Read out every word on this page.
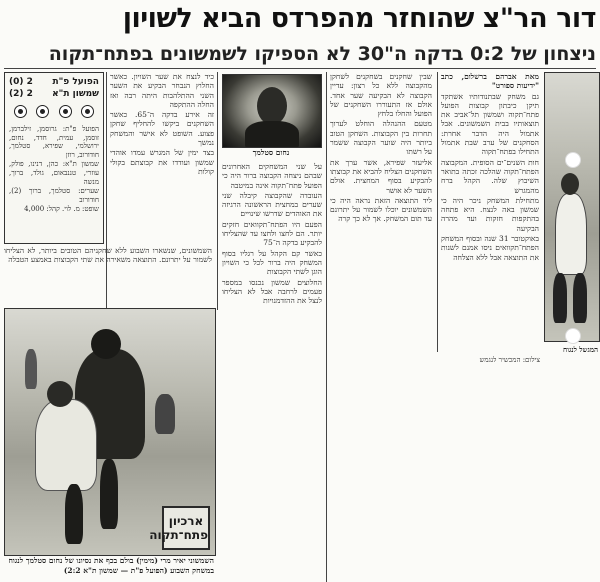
דור הר"צ שהוחזר מהפרדס הביא לשויון
ניצחון של 0:2 בדקה ה"30 לא הספיקו לשמשונים בפתח־תקוה
המגשל לנגוח

מאת אברהם ברשלום, כתב "ידיעות ספורט"

גם משחק שבתנודותיו אשתקד תיקן כיבתון קבוצות הפועל פתח־תקוה ושמשון תל־אביב את תוצאותיו בבית השמשונים. אבל אתמול היה הדבר אחרת: הסחקנים של ערב שבת אתמול התחילו בפתח־תקוה

חות השנים־ים הסופית. המקבוצה הפתח־תקוה שהלכה זכתה בתואר השיבוץ שלה. הקהל ברח מהמגרש

מתחילת המשחק ניכר היה כי שמשון באה לנצח. היא פתחה בהתקפות חזקות ועד מהרה הבקיעה

באוקטובר 31 שנה ובסוף המשחק הפתח־תקוואים ניסו אמנם לשנות את התוצאה אבל ללא הצלחה

שבין שחקנים בשחקנים לשחקן מהקבוצה ללא כל רצון: עדיין הקבוצה לא הבקיעה שער אחד. אולם אז התעוררו השחקנים של הפועל והחלו בלחץ

מטעם ההנהלה הוחלט לערוך תחרות בין הקבוצות. השחקן הטוב ביותר היה שוער הקבוצה ששמר על רשתו

אליעזר שפירא, אשר ערך את השחקנים הצליח להביא את קבוצתו להבקיע בסוף המחצית. אולם השער לא אושר

ליד התוצאה הזאת נראה היה כי השמשונים יוכלו לשמור על יתרונם עד תום המשחק. אך לא כך קרה

נחום סטלמך

על שני המשחקים האחרונים שבהם ניצחה הקבוצה ברור היה כי הפועל פתח־תקוה אינה במיטבה

העובדה שהקבוצה קיבלה שני שערים במחצית הראשונה הרגיזה את האוהדים שדרשו שינויים

הפעם היו הפתח־תקוואים חזקים יותר. הם לחצו ולחצו עד שהצליחו להבקיע בדקה ה־75

כאשר קם הקהל על רגליו בסוף המשחק היה ברור לכל כי השויון הוגן לשתי הקבוצות

החלוצים שמשון נכנסו במספר פעמים לרחבה אבל לא הצליחו לנצל את ההזדמנויות

כיד לנצח את שער השויון. כאשר החלוץ הנבחר הבקיע את השער השני ההתלהבות היתה רבה ואז החלה ההתקפה

זה אירע בדקה ה־65. כאשר השחקנים ביקשו להחליף שחקן פצוע. השופט לא אישר והמשחק נמשך

בצד ימין של המגרש עמדו אוהדי שמשון ועודדו את קבוצתם בקולי קולות

הפועל פ"ת
2 (0)
שמשון ת"א
2 (2)

הפועל פ"ת: גרוסמן, זילברמן, זוסמן, עמית, חדד, נחום, ירושלמי, שפירא, סטלמך, חודורוב, רוזן

שמשון ת"א: כהן, דנינו, פולק, עוזרי, טננבאום, גולד, ברוך, מנשה

שערים: סטלמך, ברוך (2), חודורוב

שופט: מ. לוי. קהל: 4,000

השמשונים, שנשארו השבוע ללא שחקניהם הטובים ביותר, לא הצליחו לשמור על יתרונם. התוצאה משאירה את שתי הקבוצות באמצע הטבלה
ארכיון פתח־תקוה
השמשוני יאיר מרי (מימין) בולם בכף את נסיונו של נחום סטלמך לנגוח במשחק השבוע (הפועל פ"ת — שמשון ת"א 2:2)
צילום: המכשיר לנגמש
